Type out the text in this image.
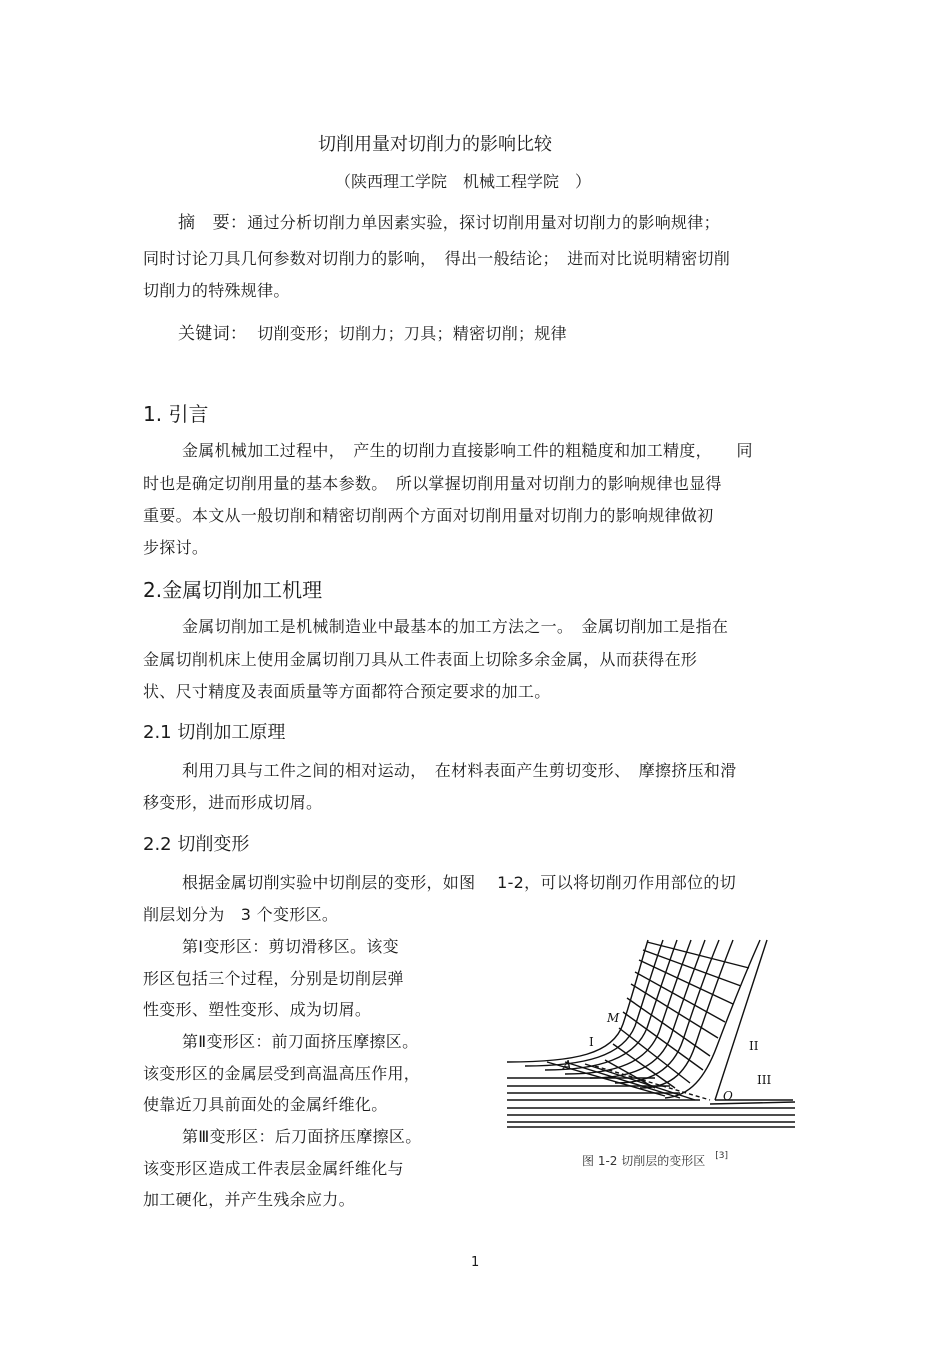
切削用量对切削力的影响比较
（陕西理工学院　机械工程学院　）
摘　要：通过分析切削力单因素实验，探讨切削用量对切削力的影响规律；
同时讨论刀具几何参数对切削力的影响，　得出一般结论；　进而对比说明精密切削
切削力的特殊规律。
关键词： 切削变形；切削力；刀具；精密切削；规律
1. 引言
金属机械加工过程中，　产生的切削力直接影响工件的粗糙度和加工精度，　　同
时也是确定切削用量的基本参数。　所以掌握切削用量对切削力的影响规律也显得
重要。本文从一般切削和精密切削两个方面对切削用量对切削力的影响规律做初
步探讨。
2.金属切削加工机理
金属切削加工是机械制造业中最基本的加工方法之一。　金属切削加工是指在
金属切削机床上使用金属切削刀具从工件表面上切除多余金属，从而获得在形
状、尺寸精度及表面质量等方面都符合预定要求的加工。
2.1 切削加工原理
利用刀具与工件之间的相对运动，　在材料表面产生剪切变形、　摩擦挤压和滑
移变形，进而形成切屑。
2.2 切削变形
根据金属切削实验中切削层的变形，如图　 1-2，可以将切削刃作用部位的切
削层划分为　3 个变形区。
第Ⅰ变形区：剪切滑移区。该变
形区包括三个过程，分别是切削层弹
性变形、塑性变形、成为切屑。
第Ⅱ变形区：前刀面挤压摩擦区。
该变形区的金属层受到高温高压作用，
使靠近刀具前面处的金属纤维化。
第Ⅲ变形区：后刀面挤压摩擦区。
该变形区造成工件表层金属纤维化与
加工硬化，并产生残余应力。
M
A
O
I	II
III
图 1-2 切削层的变形区 [3]
1
